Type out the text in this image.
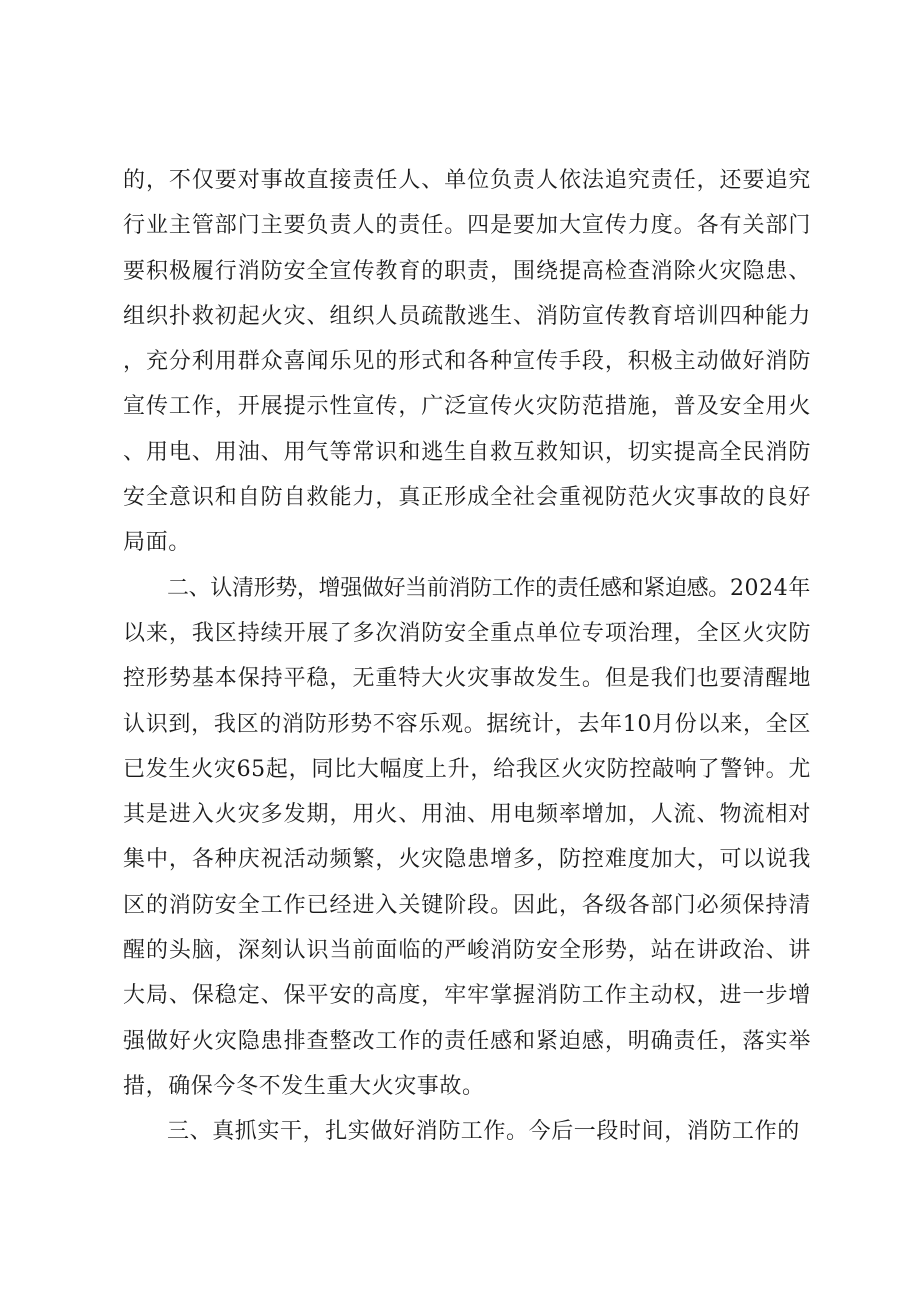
的，不仅要对事故直接责任人、单位负责人依法追究责任，还要追究行业主管部门主要负责人的责任。四是要加大宣传力度。各有关部门要积极履行消防安全宣传教育的职责，围绕提高检查消除火灾隐患、组织扑救初起火灾、组织人员疏散逃生、消防宣传教育培训四种能力，充分利用群众喜闻乐见的形式和各种宣传手段，积极主动做好消防宣传工作，开展提示性宣传，广泛宣传火灾防范措施，普及安全用火、用电、用油、用气等常识和逃生自救互救知识，切实提高全民消防安全意识和自防自救能力，真正形成全社会重视防范火灾事故的良好局面。

二、认清形势，增强做好当前消防工作的责任感和紧迫感。2024年以来，我区持续开展了多次消防安全重点单位专项治理，全区火灾防控形势基本保持平稳，无重特大火灾事故发生。但是我们也要清醒地认识到，我区的消防形势不容乐观。据统计，去年10月份以来，全区已发生火灾65起，同比大幅度上升，给我区火灾防控敲响了警钟。尤其是进入火灾多发期，用火、用油、用电频率增加，人流、物流相对集中，各种庆祝活动频繁，火灾隐患增多，防控难度加大，可以说我区的消防安全工作已经进入关键阶段。因此，各级各部门必须保持清醒的头脑，深刻认识当前面临的严峻消防安全形势，站在讲政治、讲大局、保稳定、保平安的高度，牢牢掌握消防工作主动权，进一步增强做好火灾隐患排查整改工作的责任感和紧迫感，明确责任，落实举措，确保今冬不发生重大火灾事故。

三、真抓实干，扎实做好消防工作。今后一段时间，消防工作的
